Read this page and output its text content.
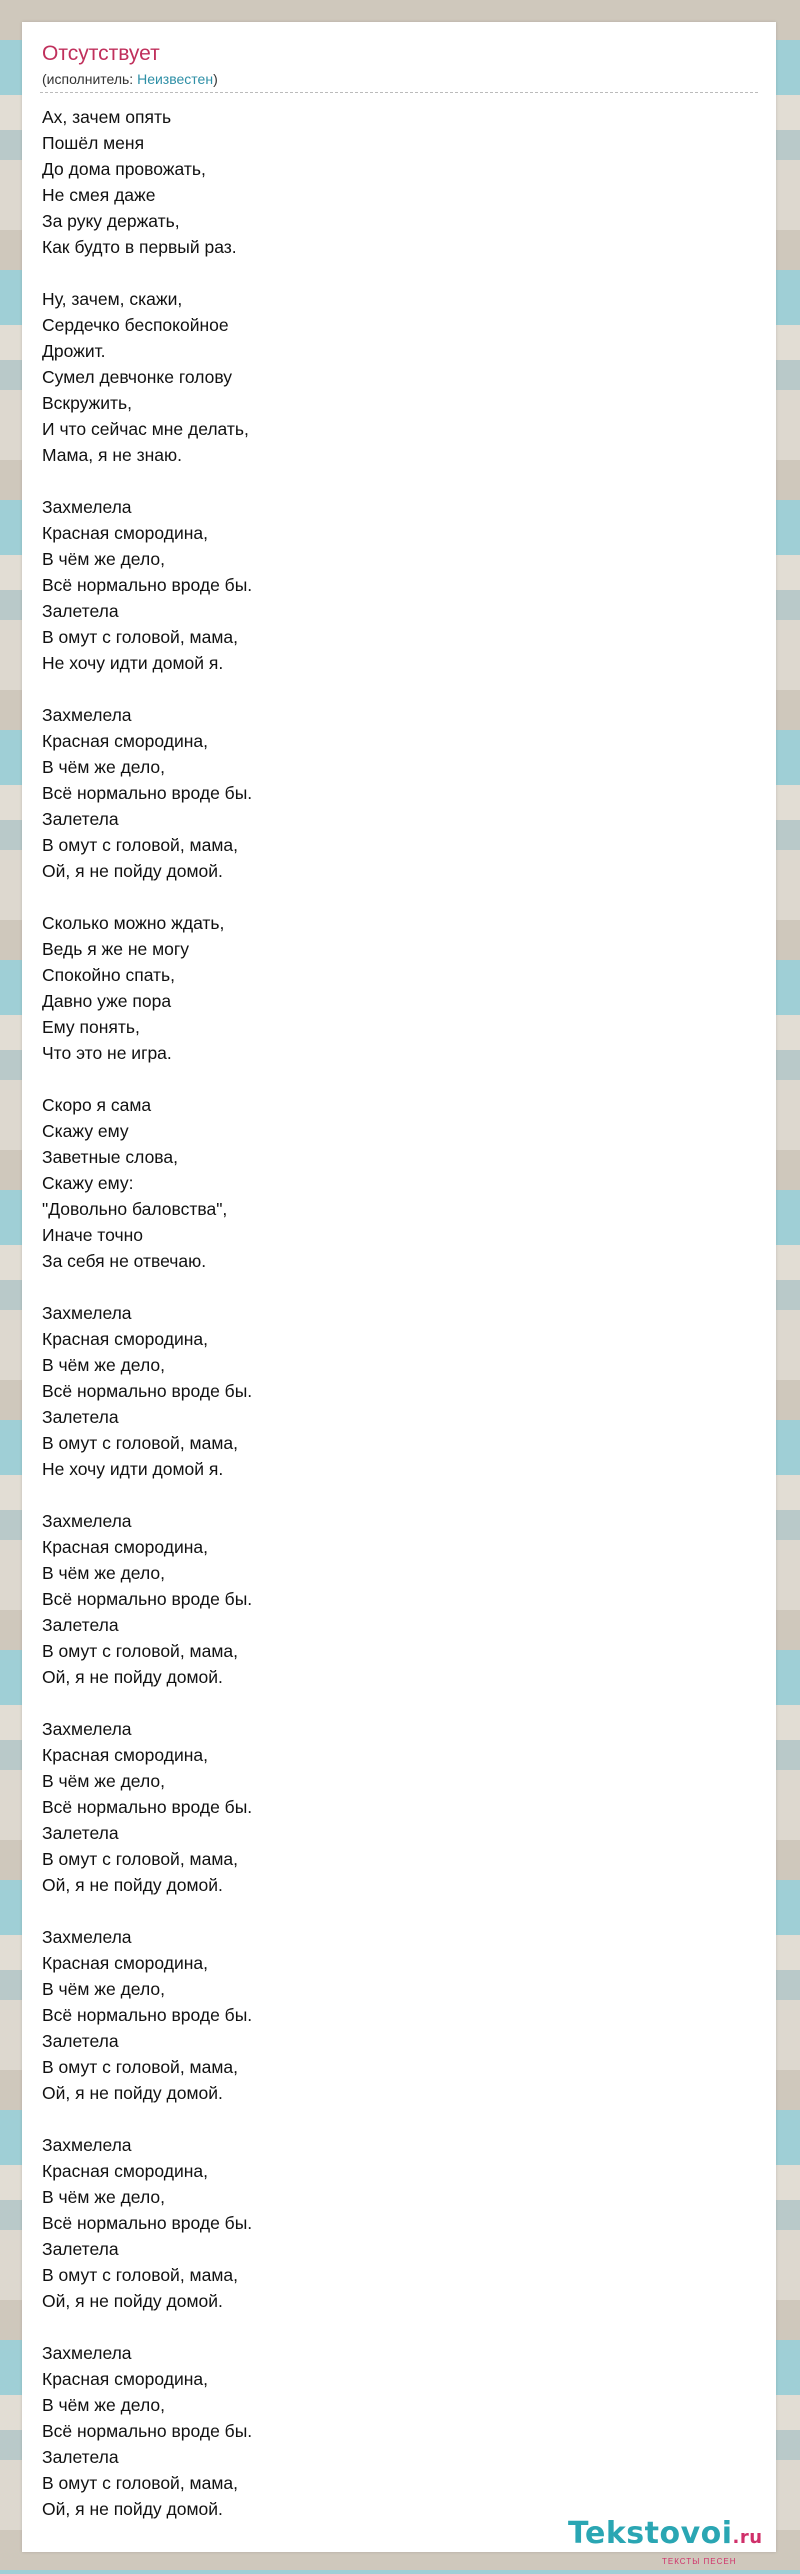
Отсутствует
(исполнитель: Неизвестен)
Ах, зачем опять
Пошёл меня
До дома провожать,
Не смея даже
За руку держать,
Как будто в первый раз.
Ну, зачем, скажи,
Сердечко беспокойное
Дрожит.
Сумел девчонке голову
Вскружить,
И что сейчас мне делать,
Мама, я не знаю.
Захмелела
Красная смородина,
В чём же дело,
Всё нормально вроде бы.
Залетела
В омут с головой, мама,
Не хочу идти домой я.
Захмелела
Красная смородина,
В чём же дело,
Всё нормально вроде бы.
Залетела
В омут с головой, мама,
Ой, я не пойду домой.
Сколько можно ждать,
Ведь я же не могу
Спокойно спать,
Давно уже пора
Ему понять,
Что это не игра.
Скоро я сама
Скажу ему
Заветные слова,
Скажу ему:
"Довольно баловства",
Иначе точно
За себя не отвечаю.
Захмелела
Красная смородина,
В чём же дело,
Всё нормально вроде бы.
Залетела
В омут с головой, мама,
Не хочу идти домой я.
Захмелела
Красная смородина,
В чём же дело,
Всё нормально вроде бы.
Залетела
В омут с головой, мама,
Ой, я не пойду домой.
Захмелела
Красная смородина,
В чём же дело,
Всё нормально вроде бы.
Залетела
В омут с головой, мама,
Ой, я не пойду домой.
Захмелела
Красная смородина,
В чём же дело,
Всё нормально вроде бы.
Залетела
В омут с головой, мама,
Ой, я не пойду домой.
Захмелела
Красная смородина,
В чём же дело,
Всё нормально вроде бы.
Залетела
В омут с головой, мама,
Ой, я не пойду домой.
Захмелела
Красная смородина,
В чём же дело,
Всё нормально вроде бы.
Залетела
В омут с головой, мама,
Ой, я не пойду домой.
Tekstovoi.ru
ТЕКСТЫ ПЕСЕН
